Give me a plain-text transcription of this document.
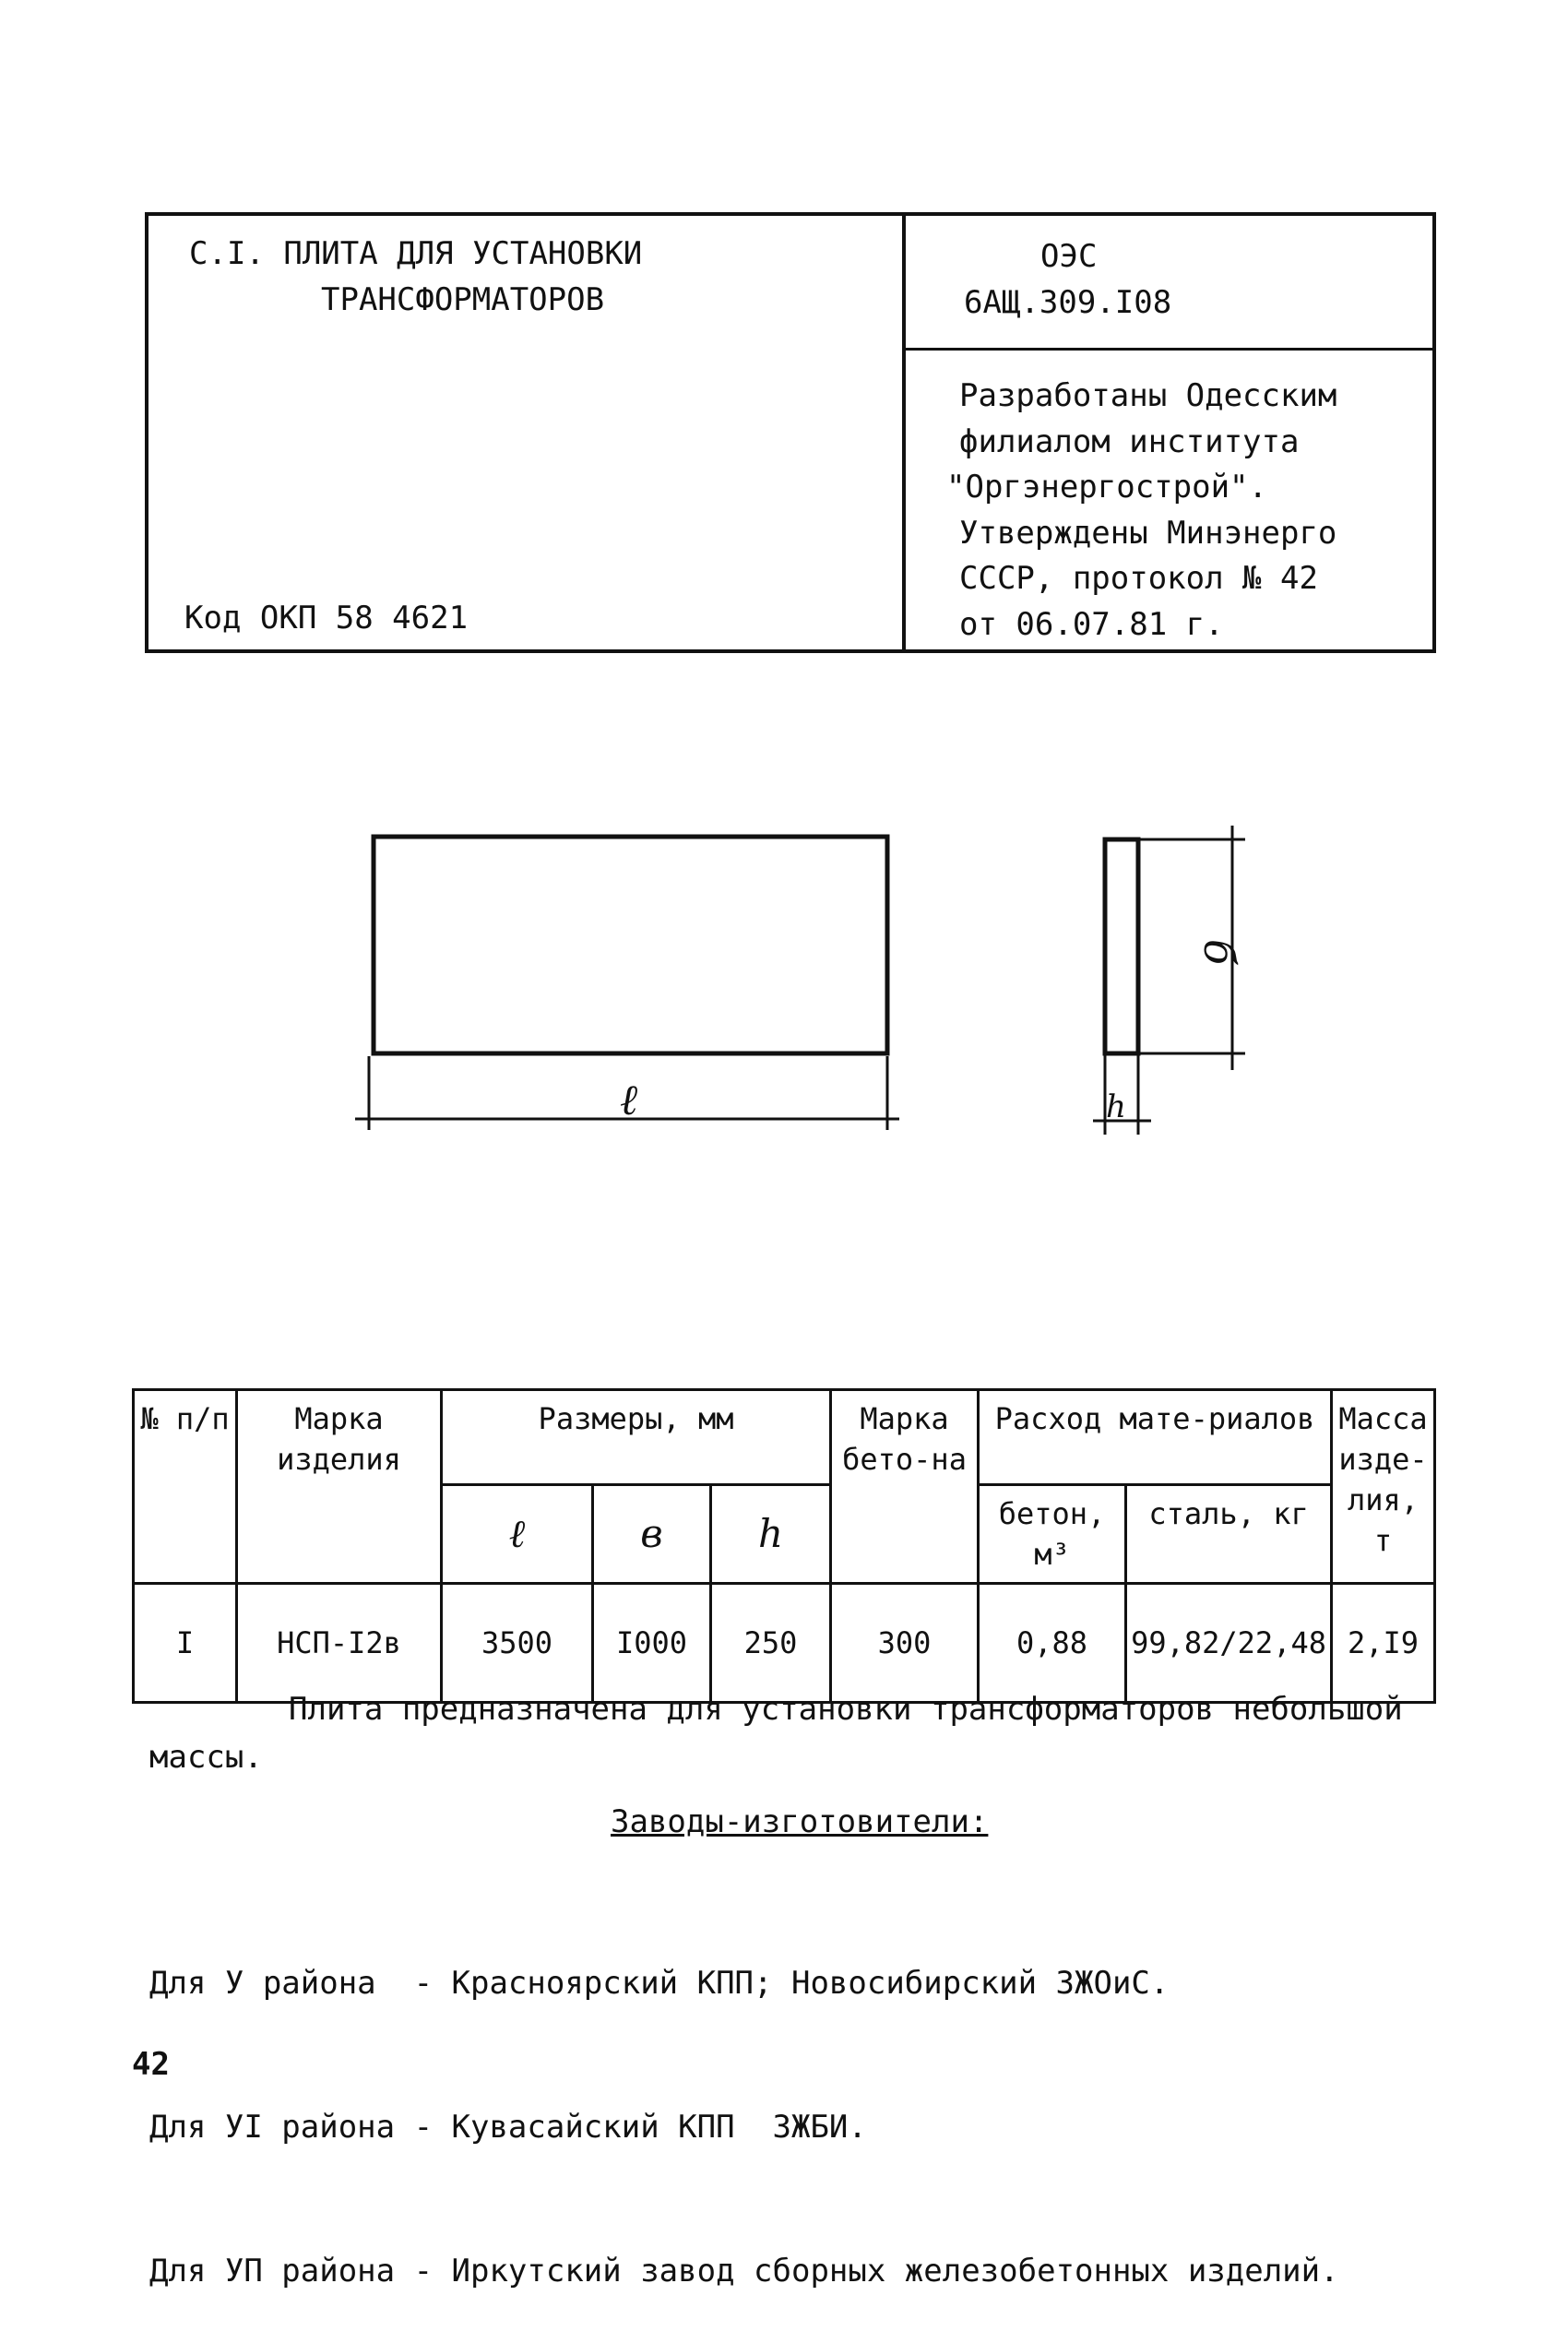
С.I. ПЛИТА ДЛЯ УСТАНОВКИ
ТРАНСФОРМАТОРОВ
Код ОКП 58 4621
ОЭС
6АЩ.309.I08
Разработаны Одесским
филиалом института
"Оргэнергострой".
Утверждены Минэнерго
СССР, протокол № 42
от 06.07.81 г.
ℓ
б
h
№ п/п	Марка изделия	Размеры, мм			Марка бето-на	Расход мате-риалов		Масса изде-лия, т
		ℓ	в	h		бетон, м³	сталь, кг	
I	НСП-I2в	3500	I000	250	300	0,88	99,82/22,48	2,I9
Плита предназначена для установки трансформаторов небольшой
массы.
Заводы-изготовители:

Для У района  - Красноярский КПП; Новосибирский ЗЖОиС.

Для УI района - Кувасайский КПП  ЗЖБИ.

Для УП района - Иркутский завод сборных железобетонных изделий.

42
